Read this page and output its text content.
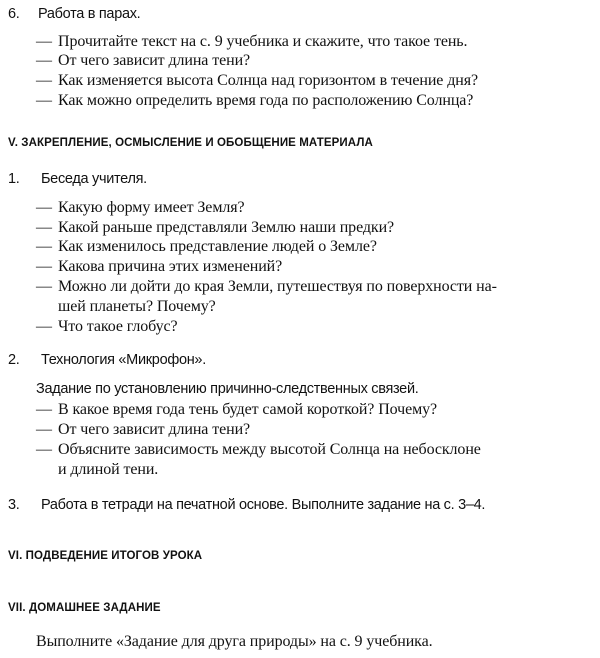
6. Работа в парах.
— Прочитайте текст на с. 9 учебника и скажите, что такое тень.
— От чего зависит длина тени?
— Как изменяется высота Солнца над горизонтом в течение дня?
— Как можно определить время года по расположению Солнца?
V. ЗАКРЕПЛЕНИЕ, ОСМЫСЛЕНИЕ И ОБОБЩЕНИЕ МАТЕРИАЛА
1. Беседа учителя.
— Какую форму имеет Земля?
— Какой раньше представляли Землю наши предки?
— Как изменилось представление людей о Земле?
— Какова причина этих изменений?
— Можно ли дойти до края Земли, путешествуя по поверхности на-
шей планеты? Почему?
— Что такое глобус?
2. Технология «Микрофон».
Задание по установлению причинно-следственных связей.
— В какое время года тень будет самой короткой? Почему?
— От чего зависит длина тени?
— Объясните зависимость между высотой Солнца на небосклоне
и длиной тени.
3. Работа в тетради на печатной основе. Выполните задание на с. 3–4.
VI. ПОДВЕДЕНИЕ ИТОГОВ УРОКА
VII. ДОМАШНЕЕ ЗАДАНИЕ
Выполните «Задание для друга природы» на с. 9 учебника.
